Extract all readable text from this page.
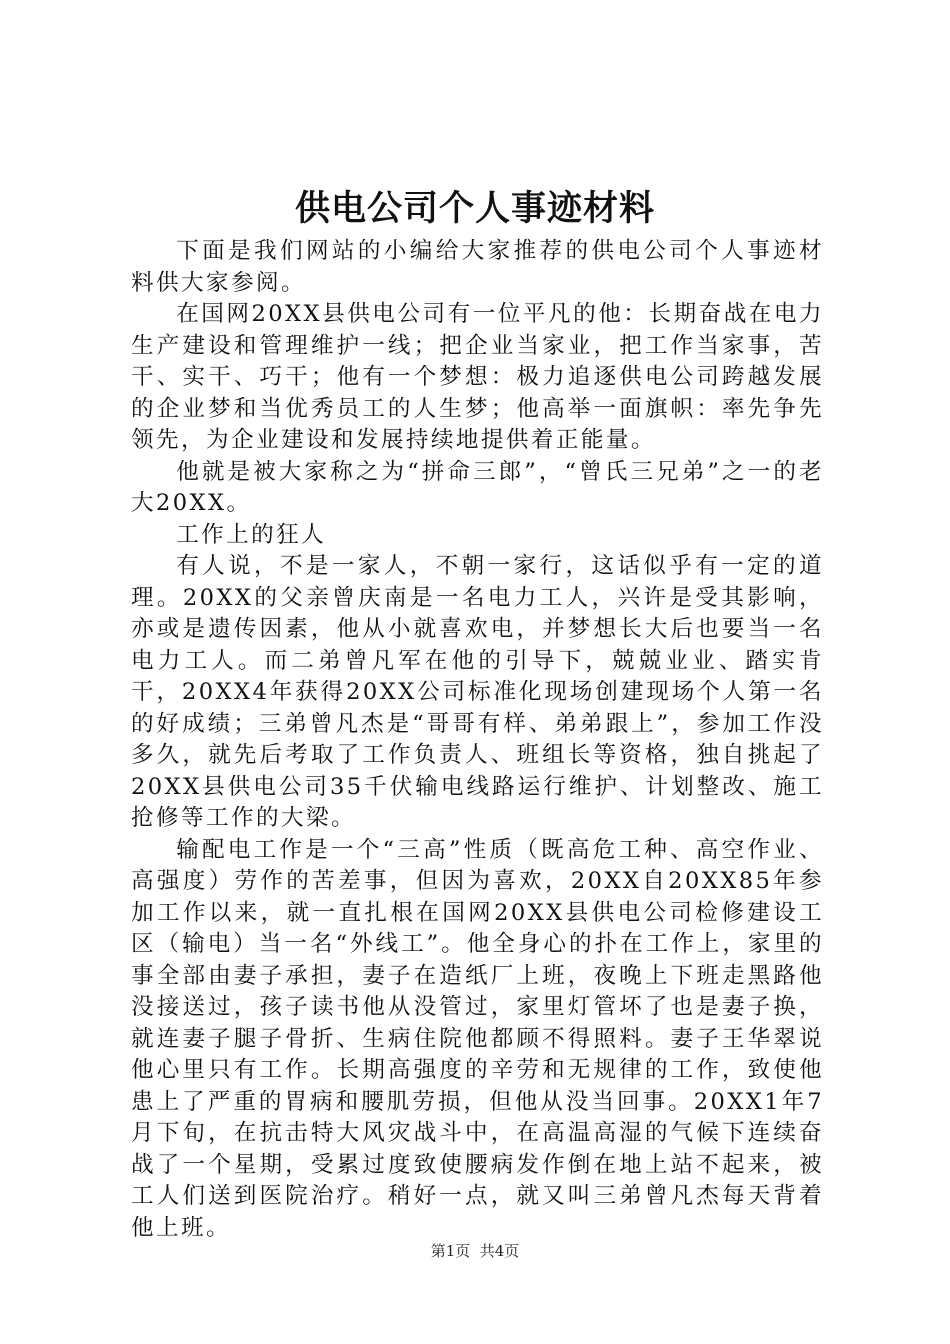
供电公司个人事迹材料

下面是我们网站的小编给大家推荐的供电公司个人事迹材料供大家参阅。

在国网20XX县供电公司有一位平凡的他：长期奋战在电力生产建设和管理维护一线；把企业当家业，把工作当家事，苦干、实干、巧干；他有一个梦想：极力追逐供电公司跨越发展的企业梦和当优秀员工的人生梦；他高举一面旗帜：率先争先领先，为企业建设和发展持续地提供着正能量。

他就是被大家称之为“拼命三郎”，“曾氏三兄弟”之一的老大20XX。

工作上的狂人

有人说，不是一家人，不朝一家行，这话似乎有一定的道理。20XX的父亲曾庆南是一名电力工人，兴许是受其影响，亦或是遗传因素，他从小就喜欢电，并梦想长大后也要当一名电力工人。而二弟曾凡军在他的引导下，兢兢业业、踏实肯干，20XX4年获得20XX公司标准化现场创建现场个人第一名的好成绩；三弟曾凡杰是“哥哥有样、弟弟跟上”，参加工作没多久，就先后考取了工作负责人、班组长等资格，独自挑起了20XX县供电公司35千伏输电线路运行维护、计划整改、施工抢修等工作的大梁。

输配电工作是一个“三高”性质（既高危工种、高空作业、高强度）劳作的苦差事，但因为喜欢，20XX自20XX85年参加工作以来，就一直扎根在国网20XX县供电公司检修建设工区（输电）当一名“外线工”。他全身心的扑在工作上，家里的事全部由妻子承担，妻子在造纸厂上班，夜晚上下班走黑路他没接送过，孩子读书他从没管过，家里灯管坏了也是妻子换，就连妻子腿子骨折、生病住院他都顾不得照料。妻子王华翠说他心里只有工作。长期高强度的辛劳和无规律的工作，致使他患上了严重的胃病和腰肌劳损，但他从没当回事。20XX1年7月下旬，在抗击特大风灾战斗中，在高温高湿的气候下连续奋战了一个星期，受累过度致使腰病发作倒在地上站不起来，被工人们送到医院治疗。稍好一点，就又叫三弟曾凡杰每天背着他上班。

第1页  共4页
